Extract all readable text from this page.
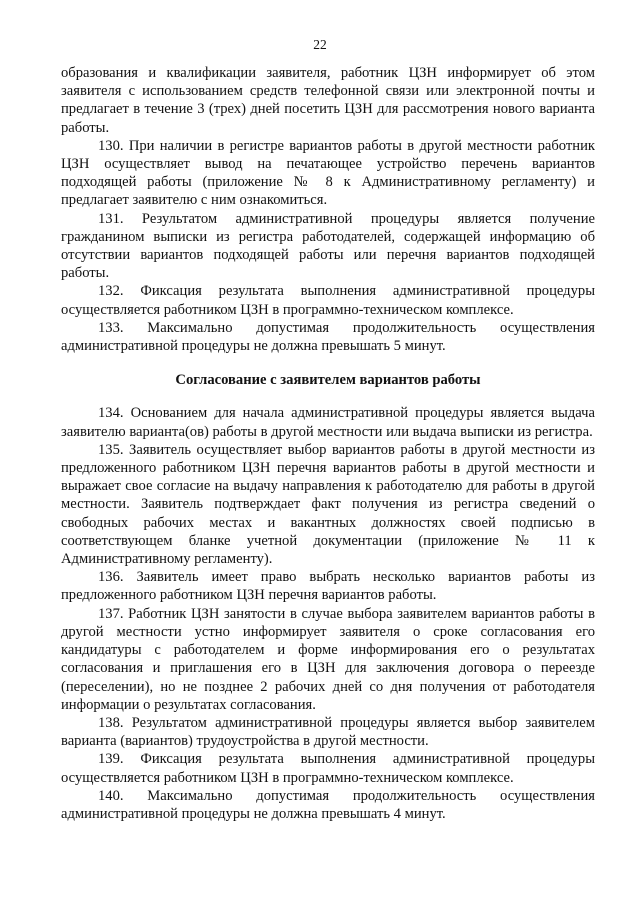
22

образования и квалификации заявителя, работник ЦЗН информирует об этом заявителя с использованием средств телефонной связи или электронной почты и предлагает в течение 3 (трех) дней посетить ЦЗН для рассмотрения нового варианта работы.

130. При наличии в регистре вариантов работы в другой местности работник ЦЗН осуществляет вывод на печатающее устройство перечень вариантов подходящей работы (приложение № 8 к Административному регламенту) и предлагает заявителю с ним ознакомиться.

131. Результатом административной процедуры является получение гражданином выписки из регистра работодателей, содержащей информацию об отсутствии вариантов подходящей работы или перечня вариантов подходящей работы.

132. Фиксация результата выполнения административной процедуры осуществляется работником ЦЗН в программно-техническом комплексе.

133. Максимально допустимая продолжительность осуществления административной процедуры не должна превышать 5 минут.

Согласование с заявителем вариантов работы

134. Основанием для начала административной процедуры является выдача заявителю варианта(ов) работы в другой местности или выдача выписки из регистра.

135. Заявитель осуществляет выбор вариантов работы в другой местности из предложенного работником ЦЗН перечня вариантов работы в другой местности и выражает свое согласие на выдачу направления к работодателю для работы в другой местности. Заявитель подтверждает факт получения из регистра сведений о свободных рабочих местах и вакантных должностях своей подписью в соответствующем бланке учетной документации (приложение № 11 к Административному регламенту).

136. Заявитель имеет право выбрать несколько вариантов работы из предложенного работником ЦЗН перечня вариантов работы.

137. Работник ЦЗН занятости в случае выбора заявителем вариантов работы в другой местности устно информирует заявителя о сроке согласования его кандидатуры с работодателем и форме информирования его о результатах согласования и приглашения его в ЦЗН для заключения договора о переезде (переселении), но не позднее 2 рабочих дней со дня получения от работодателя информации о результатах согласования.

138. Результатом административной процедуры является выбор заявителем варианта (вариантов) трудоустройства в другой местности.

139. Фиксация результата выполнения административной процедуры осуществляется работником ЦЗН в программно-техническом комплексе.

140. Максимально допустимая продолжительность осуществления административной процедуры не должна превышать 4 минут.
